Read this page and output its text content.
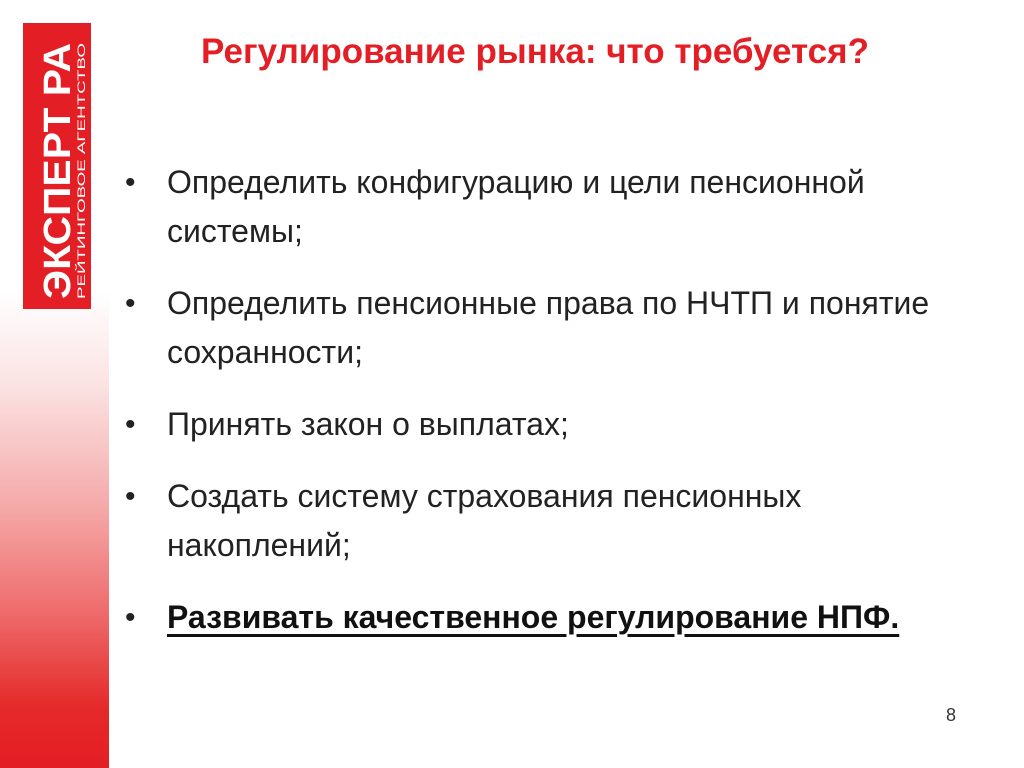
ЭКСПЕРТ РА
РЕЙТИНГОВОЕ АГЕНТСТВО
Регулирование рынка: что требуется?
• Определить конфигурацию и цели пенсионной системы;
• Определить пенсионные права по НЧТП и понятие сохранности;
• Принять закон о выплатах;
• Создать систему страхования пенсионных накоплений;
• Развивать качественное регулирование НПФ.
8
